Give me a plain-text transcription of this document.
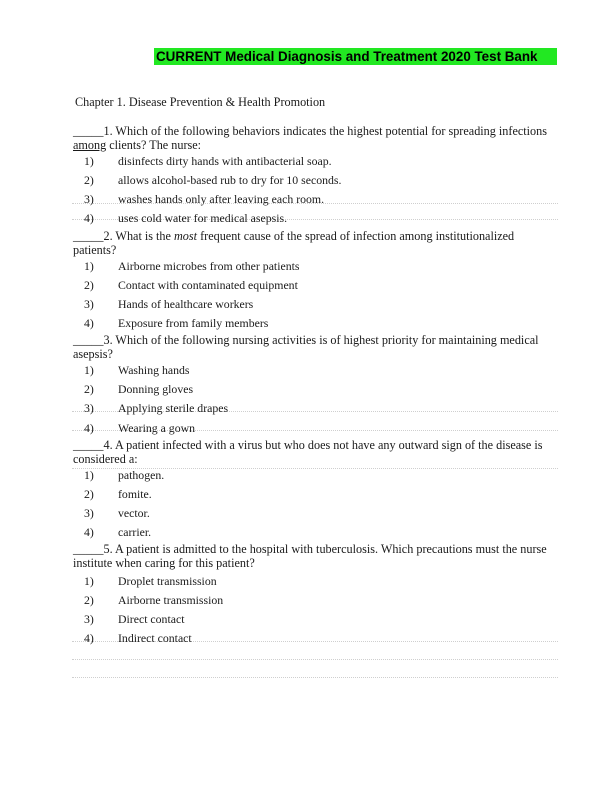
CURRENT Medical Diagnosis and Treatment 2020 Test Bank
Chapter 1. Disease Prevention & Health Promotion
_____1. Which of the following behaviors indicates the highest potential for spreading infections
among clients? The nurse:
1) disinfects dirty hands with antibacterial soap.
2) allows alcohol-based rub to dry for 10 seconds.
3) washes hands only after leaving each room.
4) uses cold water for medical asepsis.
_____2. What is the most frequent cause of the spread of infection among institutionalized
patients?
1) Airborne microbes from other patients
2) Contact with contaminated equipment
3) Hands of healthcare workers
4) Exposure from family members
_____3. Which of the following nursing activities is of highest priority for maintaining medical
asepsis?
1) Washing hands
2) Donning gloves
3) Applying sterile drapes
4) Wearing a gown
_____4. A patient infected with a virus but who does not have any outward sign of the disease is
considered a:
1) pathogen.
2) fomite.
3) vector.
4) carrier.
_____5. A patient is admitted to the hospital with tuberculosis. Which precautions must the nurse
institute when caring for this patient?
1) Droplet transmission
2) Airborne transmission
3) Direct contact
4) Indirect contact
